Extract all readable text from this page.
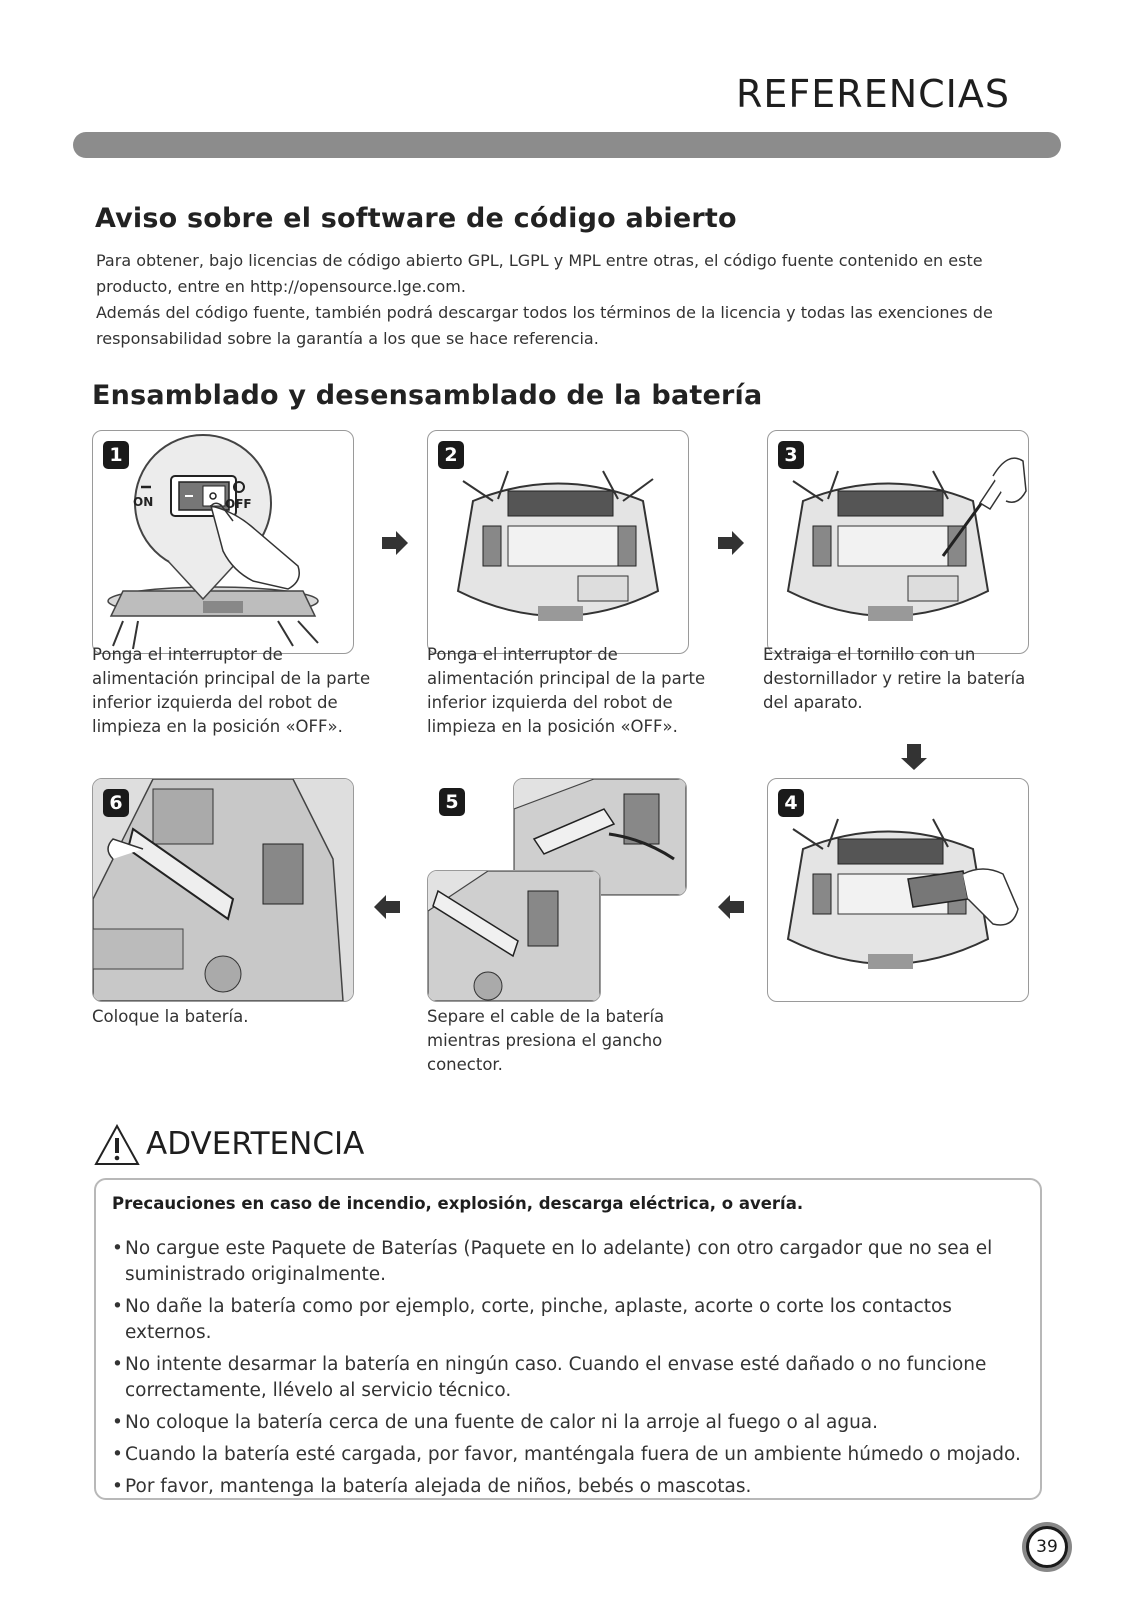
REFERENCIAS
Aviso sobre el software de código abierto

Para obtener, bajo licencias de código abierto GPL, LGPL y MPL entre otras, el código fuente contenido en este

producto, entre en http://opensource.lge.com.

Además del código fuente, también podrá descargar todos los términos de la licencia y todas las exenciones de

responsabilidad sobre la garantía a los que se hace referencia.

Ensamblado y desensamblado de la batería
1
ON	OFF
Ponga el interruptor de
alimentación principal de la parte
inferior izquierda del robot de
limpieza en la posición «OFF».
2
Ponga el interruptor de
alimentación principal de la parte
inferior izquierda del robot de
limpieza en la posición «OFF».
3
Extraiga el tornillo con un
destornillador y retire la batería
del aparato.
6
Coloque la batería.
5
Separe el cable de la batería
mientras presiona el gancho
conector.
4
ADVERTENCIA

Precauciones en caso de incendio, explosión, descarga eléctrica, o avería.

• No cargue este Paquete de Baterías (Paquete en lo adelante) con otro cargador que no sea el suministrado originalmente.
• No dañe la batería como por ejemplo, corte, pinche, aplaste, acorte o corte los contactos externos.
• No intente desarmar la batería en ningún caso. Cuando el envase esté dañado o no funcione correctamente, llévelo al servicio técnico.
• No coloque la batería cerca de una fuente de calor ni la arroje al fuego o al agua.
• Cuando la batería esté cargada, por favor, manténgala fuera de un ambiente húmedo o mojado.
• Por favor, mantenga la batería alejada de niños, bebés o mascotas.
39
